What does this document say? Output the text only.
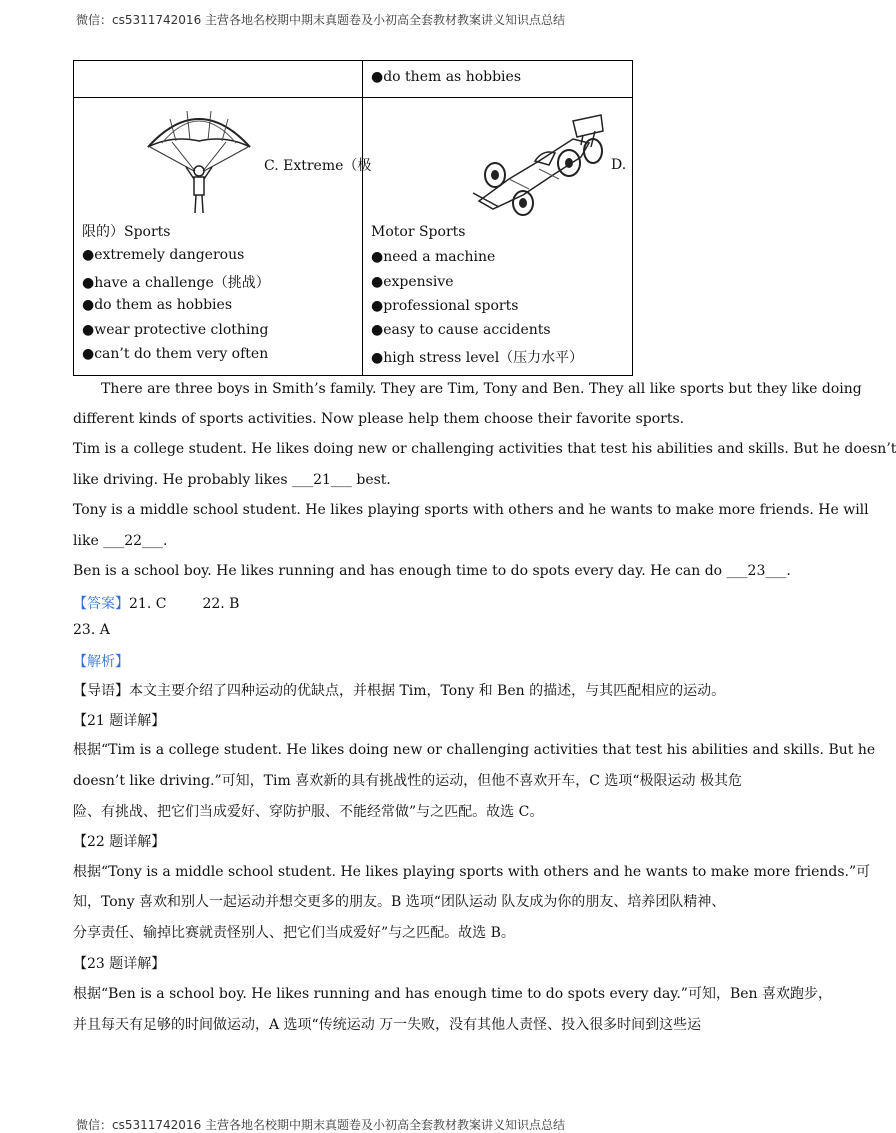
微信：cs5311742016 主营各地名校期中期末真题卷及小初高全套教材教案讲义知识点总结
●do them as hobbies
C. Extreme（极
限的）Sports
●extremely dangerous
●have a challenge（挑战）
●do them as hobbies
●wear protective clothing
●can’t do them very often
D.
Motor Sports
●need a machine
●expensive
●professional sports
●easy to cause accidents
●high stress level（压力水平）
There are three boys in Smith’s family. They are Tim, Tony and Ben. They all like sports but they like doing
different kinds of sports activities. Now please help them choose their favorite sports.
Tim is a college student. He likes doing new or challenging activities that test his abilities and skills. But he doesn’t
like driving. He probably likes ___21___ best.
Tony is a middle school student. He likes playing sports with others and he wants to make more friends. He will
like ___22___.
Ben is a school boy. He likes running and has enough time to do spots every day. He can do ___23___.
【答案】21. C	22. B
23. A
【解析】
【导语】本文主要介绍了四种运动的优缺点，并根据 Tim，Tony 和 Ben 的描述，与其匹配相应的运动。
【21 题详解】
根据“Tim is a college student. He likes doing new or challenging activities that test his abilities and skills. But he
doesn’t like driving.”可知，Tim 喜欢新的具有挑战性的运动，但他不喜欢开车，C 选项“极限运动 极其危
险、有挑战、把它们当成爱好、穿防护服、不能经常做”与之匹配。故选 C。
【22 题详解】
根据“Tony is a middle school student. He likes playing sports with others and he wants to make more friends.”可
知，Tony 喜欢和别人一起运动并想交更多的朋友。B 选项“团队运动 队友成为你的朋友、培养团队精神、
分享责任、输掉比赛就责怪别人、把它们当成爱好”与之匹配。故选 B。
【23 题详解】
根据“Ben is a school boy. He likes running and has enough time to do spots every day.”可知，Ben 喜欢跑步，
并且每天有足够的时间做运动，A 选项“传统运动 万一失败，没有其他人责怪、投入很多时间到这些运
微信：cs5311742016 主营各地名校期中期末真题卷及小初高全套教材教案讲义知识点总结
